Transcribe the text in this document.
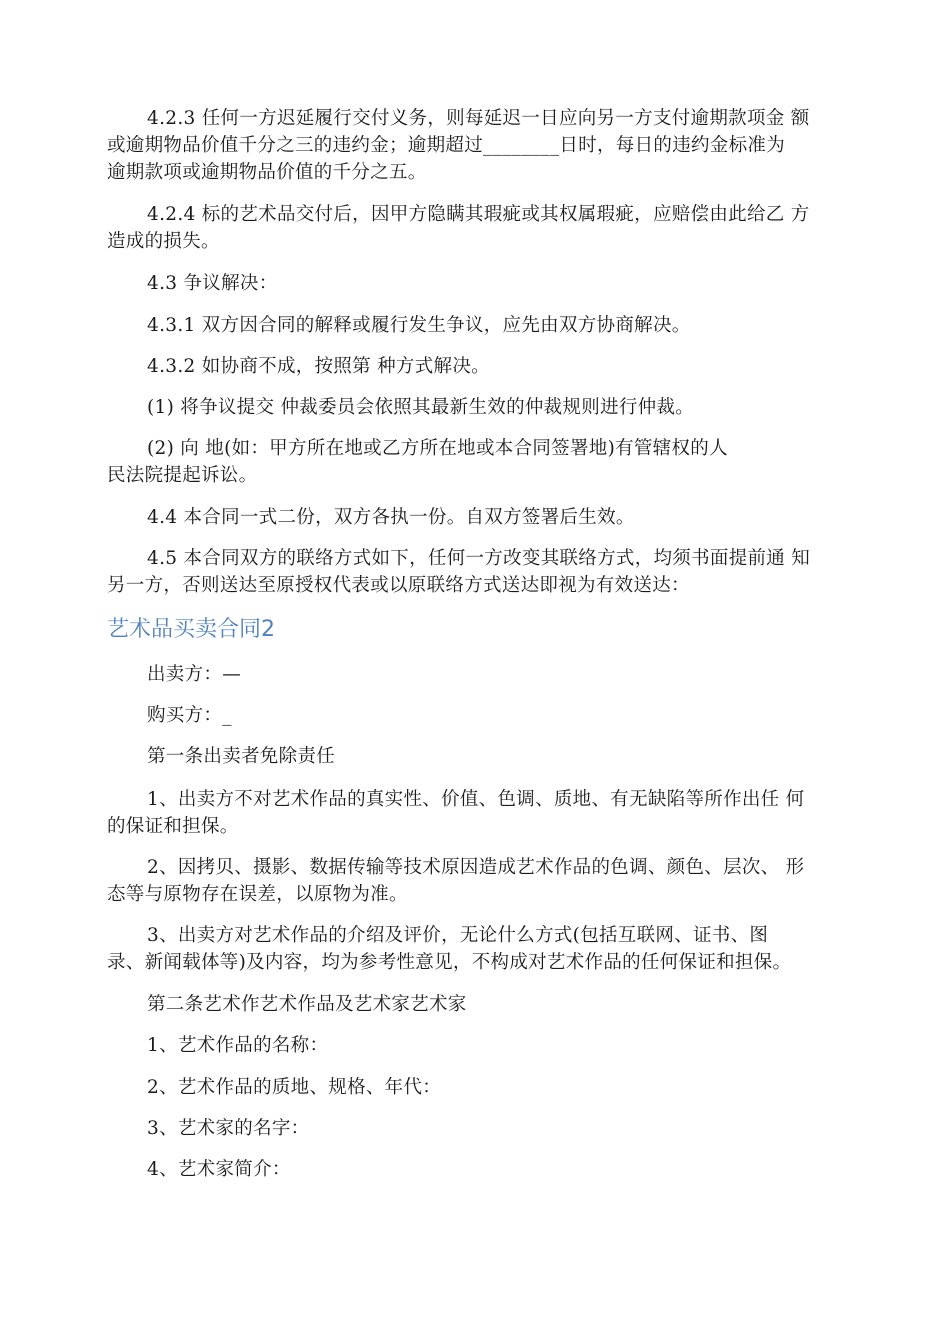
4.2.3 任何一方迟延履行交付义务，则每延迟一日应向另一方支付逾期款项金 额
或逾期物品价值千分之三的违约金；逾期超过________日时，每日的违约金标准为
逾期款项或逾期物品价值的千分之五。
4.2.4 标的艺术品交付后，因甲方隐瞒其瑕疵或其权属瑕疵，应赔偿由此给乙 方
造成的损失。
4.3 争议解决：
4.3.1 双方因合同的解释或履行发生争议，应先由双方协商解决。
4.3.2 如协商不成，按照第 种方式解决。
(1) 将争议提交 仲裁委员会依照其最新生效的仲裁规则进行仲裁。
(2) 向 地(如：甲方所在地或乙方所在地或本合同签署地)有管辖权的人
民法院提起诉讼。
4.4 本合同一式二份，双方各执一份。自双方签署后生效。
4.5 本合同双方的联络方式如下，任何一方改变其联络方式，均须书面提前通 知
另一方，否则送达至原授权代表或以原联络方式送达即视为有效送达：
艺术品买卖合同2
出卖方：—
购买方：_
第一条出卖者免除责任
1、出卖方不对艺术作品的真实性、价值、色调、质地、有无缺陷等所作出任 何
的保证和担保。
2、因拷贝、摄影、数据传输等技术原因造成艺术作品的色调、颜色、层次、 形
态等与原物存在误差，以原物为准。
3、出卖方对艺术作品的介绍及评价，无论什么方式(包括互联网、证书、图
录、新闻载体等)及内容，均为参考性意见，不构成对艺术作品的任何保证和担保。
第二条艺术作艺术作品及艺术家艺术家
1、艺术作品的名称：
2、艺术作品的质地、规格、年代：
3、艺术家的名字：
4、艺术家简介：
